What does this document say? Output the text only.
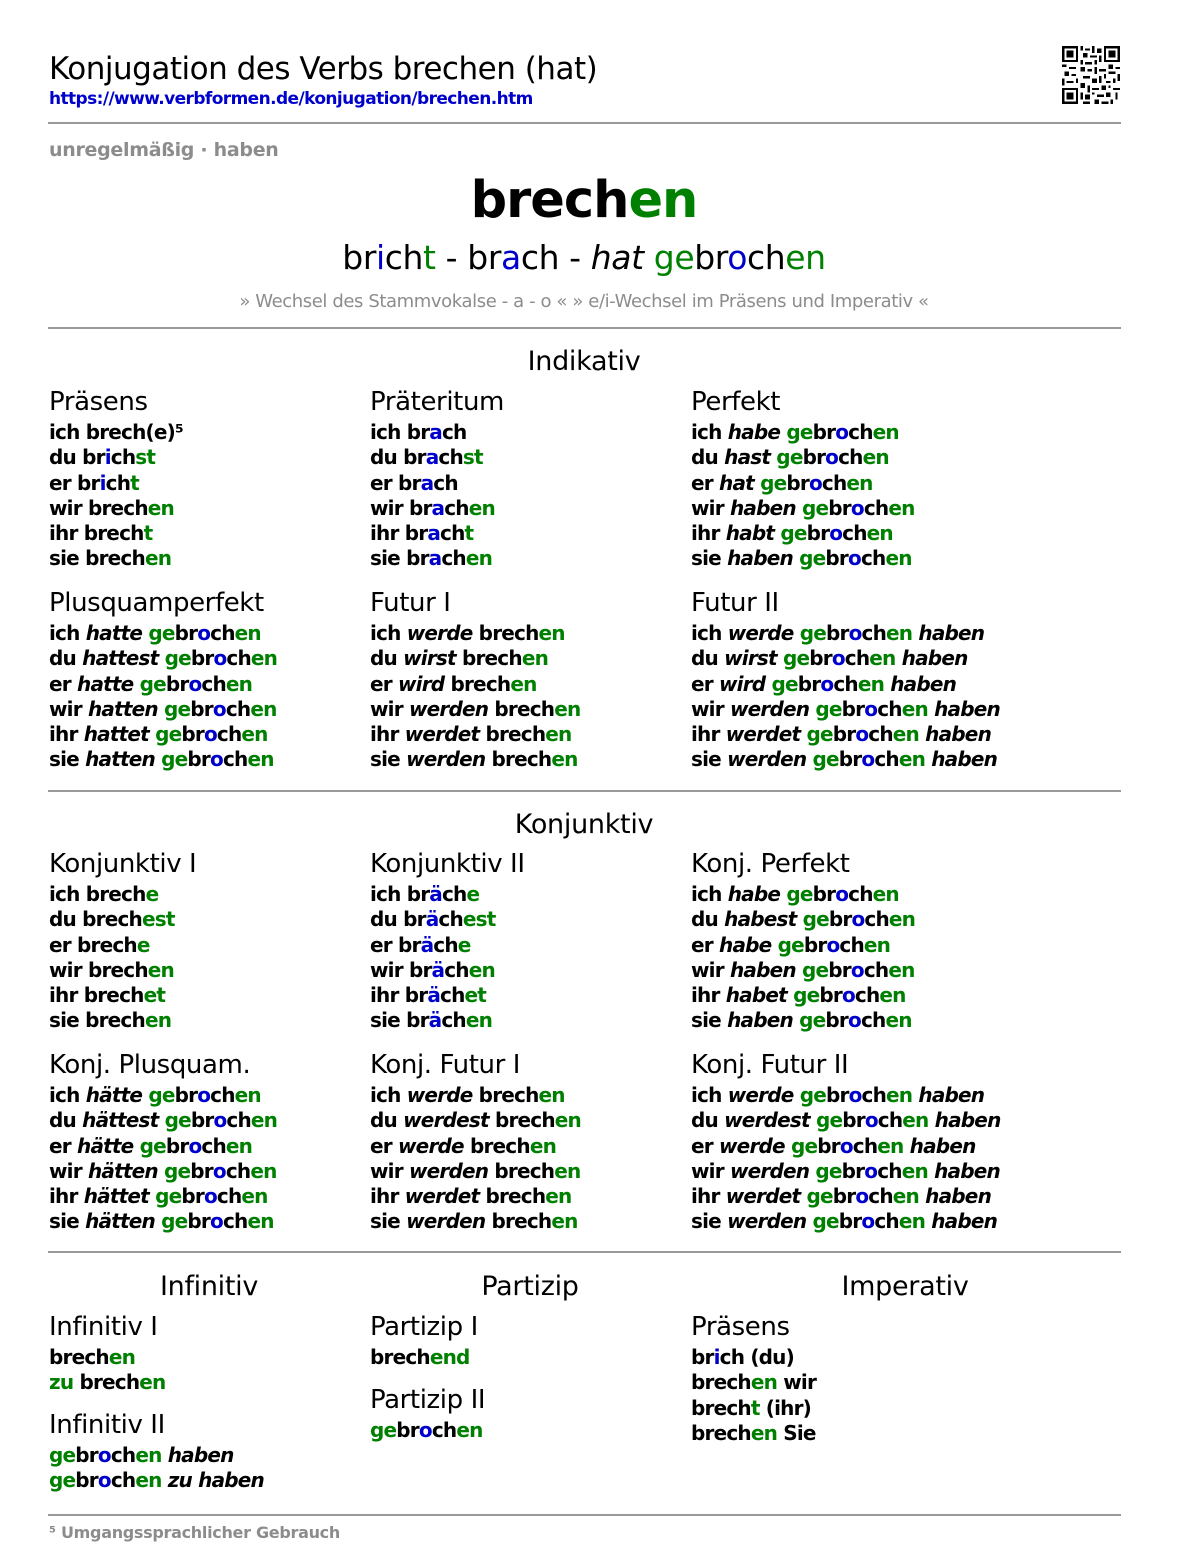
Konjugation des Verbs brechen (hat)
https://www.verbformen.de/konjugation/brechen.htm
unregelmäßig · haben
brechen
bricht - brach - hat gebrochen
» Wechsel des Stammvokalse - a - o « » e/i-Wechsel im Präsens und Imperativ «
Indikativ
Präsens
ich brech(e)⁵
du brichst
er bricht
wir brechen
ihr brecht
sie brechen
Präteritum
ich brach
du brachst
er brach
wir brachen
ihr bracht
sie brachen
Perfekt
ich habe gebrochen
du hast gebrochen
er hat gebrochen
wir haben gebrochen
ihr habt gebrochen
sie haben gebrochen
Plusquamperfekt
ich hatte gebrochen
du hattest gebrochen
er hatte gebrochen
wir hatten gebrochen
ihr hattet gebrochen
sie hatten gebrochen
Futur I
ich werde brechen
du wirst brechen
er wird brechen
wir werden brechen
ihr werdet brechen
sie werden brechen
Futur II
ich werde gebrochen haben
du wirst gebrochen haben
er wird gebrochen haben
wir werden gebrochen haben
ihr werdet gebrochen haben
sie werden gebrochen haben
Konjunktiv
Konjunktiv I
ich breche
du brechest
er breche
wir brechen
ihr brechet
sie brechen
Konjunktiv II
ich bräche
du brächest
er bräche
wir brächen
ihr brächet
sie brächen
Konj. Perfekt
ich habe gebrochen
du habest gebrochen
er habe gebrochen
wir haben gebrochen
ihr habet gebrochen
sie haben gebrochen
Konj. Plusquam.
ich hätte gebrochen
du hättest gebrochen
er hätte gebrochen
wir hätten gebrochen
ihr hättet gebrochen
sie hätten gebrochen
Konj. Futur I
ich werde brechen
du werdest brechen
er werde brechen
wir werden brechen
ihr werdet brechen
sie werden brechen
Konj. Futur II
ich werde gebrochen haben
du werdest gebrochen haben
er werde gebrochen haben
wir werden gebrochen haben
ihr werdet gebrochen haben
sie werden gebrochen haben
Infinitiv	Partizip	Imperativ
Infinitiv I
brechen
zu brechen
Infinitiv II
gebrochen haben
gebrochen zu haben
Partizip I
brechend
Partizip II
gebrochen
Präsens
brich (du)
brechen wir
brecht (ihr)
brechen Sie
⁵ Umgangssprachlicher Gebrauch
